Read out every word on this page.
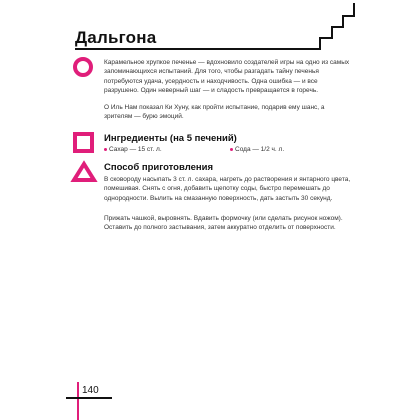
Дальгона

Карамельное хрупкое печенье — вдохновило создателей игры на одно из самых запоминающихся испытаний. Для того, чтобы разгадать тайну печенья потребуются удача, усердность и находчивость. Одна ошибка — и все разрушено. Один неверный шаг — и сладость превращается в горечь.

О Иль Нам показал Ки Хуну, как пройти испытание, подарив ему шанс, а зрителям — бурю эмоций.

Ингредиенты (на 5 печений)
Сахар — 15 ст. л.	Сода — 1/2 ч. л.
Способ приготовления

В сковороду насыпать 3 ст. л. сахара, нагреть до растворения и янтарного цвета, помешивая. Снять с огня, добавить щепотку соды, быстро перемешать до однородности. Вылить на смазанную поверхность, дать застыть 30 секунд.

Прижать чашкой, выровнять. Вдавить формочку (или сделать рисунок ножом). Оставить до полного застывания, затем аккуратно отделить от поверхности.

140
